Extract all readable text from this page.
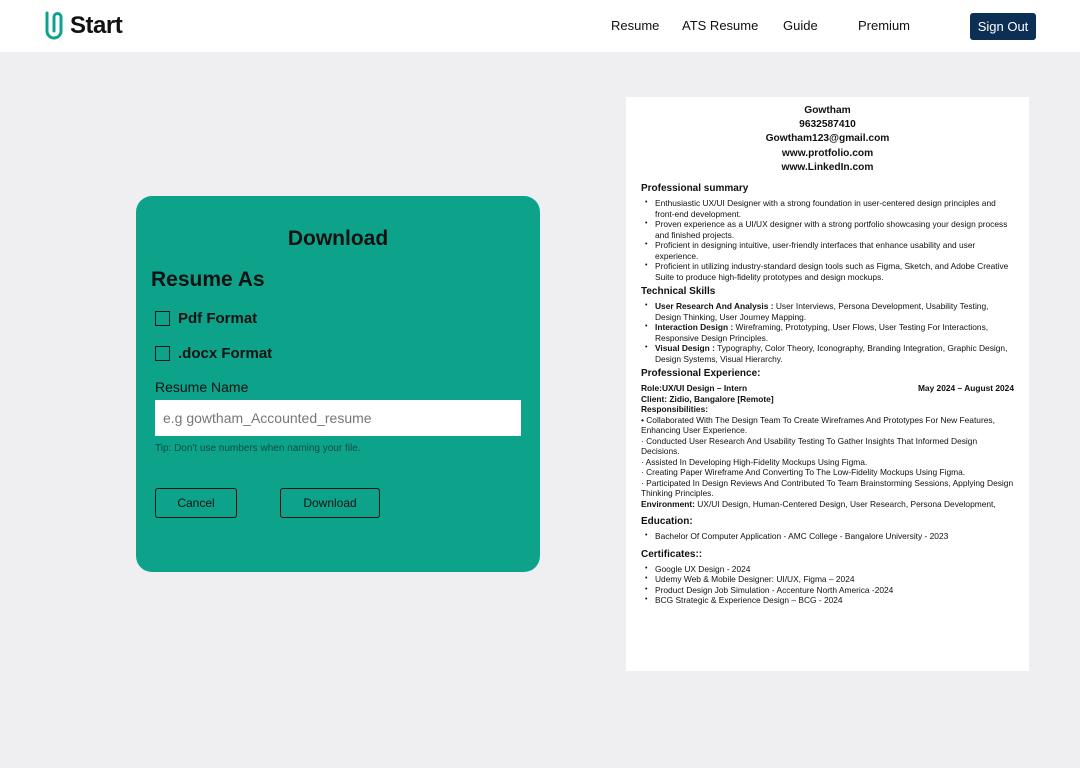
Start	Resume ATS Resume Guide	Premium	Sign Out
Download
Resume As
Pdf Format
.docx Format
Resume Name
e.g gowtham_Accounted_resume
Tip: Don't use numbers when naming your file.
Cancel	Download
Gowtham
9632587410
Gowtham123@gmail.com
www.protfolio.com
www.LinkedIn.com
Professional summary
• Enthusiastic UX/UI Designer with a strong foundation in user-centered design principles and front-end development.
• Proven experience as a UI/UX designer with a strong portfolio showcasing your design process and finished projects.
• Proficient in designing intuitive, user-friendly interfaces that enhance usability and user experience.
• Proficient in utilizing industry-standard design tools such as Figma, Sketch, and Adobe Creative Suite to produce high-fidelity prototypes and design mockups.
Technical Skills
• User Research And Analysis : User Interviews, Persona Development, Usability Testing, Design Thinking, User Journey Mapping.
• Interaction Design : Wireframing, Prototyping, User Flows, User Testing For Interactions, Responsive Design Principles.
• Visual Design : Typography, Color Theory, Iconography, Branding Integration, Graphic Design, Design Systems, Visual Hierarchy.
Professional Experience:
Role:UX/UI Design – Intern	May 2024 – August 2024
Client: Zidio, Bangalore [Remote]
Responsibilities:
• Collaborated With The Design Team To Create Wireframes And Prototypes For New Features, Enhancing User Experience.
· Conducted User Research And Usability Testing To Gather Insights That Informed Design Decisions.
· Assisted In Developing High-Fidelity Mockups Using Figma.
· Creating Paper Wireframe And Converting To The Low-Fidelity Mockups Using Figma.
· Participated In Design Reviews And Contributed To Team Brainstorming Sessions, Applying Design Thinking Principles.
Environment: UX/UI Design, Human-Centered Design, User Research, Persona Development,
Education:
• Bachelor Of Computer Application - AMC College - Bangalore University - 2023
Certificates::
• Google UX Design - 2024
• Udemy Web & Mobile Designer: UI/UX, Figma – 2024
• Product Design Job Simulation - Accenture North America -2024
• BCG Strategic & Experience Design – BCG - 2024
